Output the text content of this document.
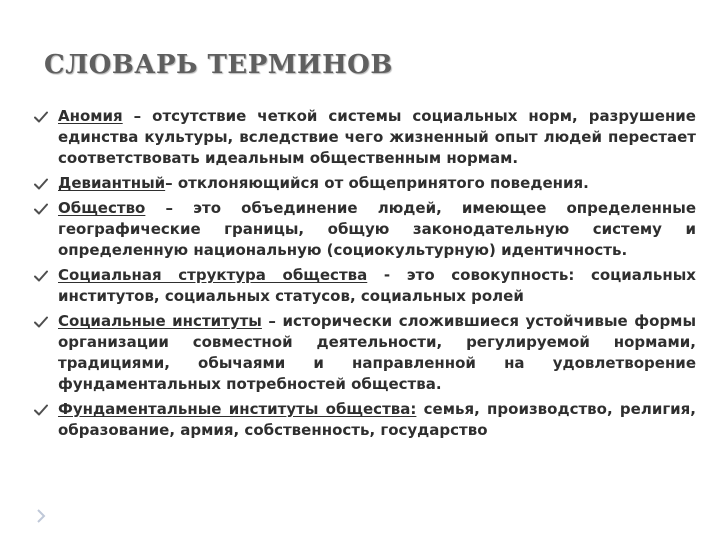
СЛОВАРЬ ТЕРМИНОВ
Аномия – отсутствие четкой системы социальных норм, разрушение единства культуры, вследствие чего жизненный опыт людей перестает соответствовать идеальным общественным нормам.
Девиантный– отклоняющийся от общепринятого поведения.
Общество – это объединение людей, имеющее определенные географические границы, общую законодательную систему и определенную национальную (социокультурную) идентичность.
Социальная структура общества - это совокупность: социальных институтов, социальных статусов, социальных ролей
Социальные институты – исторически сложившиеся устойчивые формы организации совместной деятельности, регулируемой нормами, традициями, обычаями и направленной на удовлетворение фундаментальных потребностей общества.
Фундаментальные институты общества: семья, производство, религия, образование, армия, собственность, государство
